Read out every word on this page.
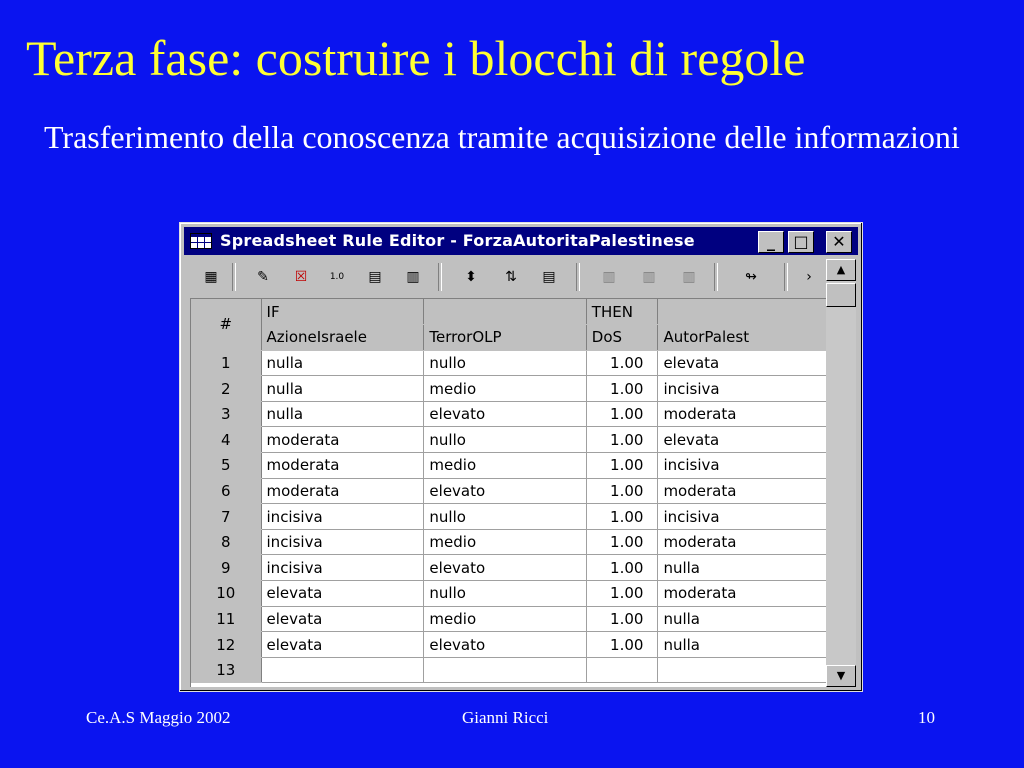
Terza fase: costruire i blocchi di regole
Trasferimento della conoscenza tramite acquisizione delle informazioni
Spreadsheet Rule Editor - ForzaAutoritaPalestinese	_	□	✕
▦	✎	☒	1.0	▤	▥	⬍	⇅	▤	▥	▥	▥	↬	›
#	IF		THEN	
	AzioneIsraele	TerrorOLP	DoS	AutorPalest
1	nulla	nullo	1.00	elevata
2	nulla	medio	1.00	incisiva
3	nulla	elevato	1.00	moderata
4	moderata	nullo	1.00	elevata
5	moderata	medio	1.00	incisiva
6	moderata	elevato	1.00	moderata
7	incisiva	nullo	1.00	incisiva
8	incisiva	medio	1.00	moderata
9	incisiva	elevato	1.00	nulla
10	elevata	nullo	1.00	moderata
11	elevata	medio	1.00	nulla
12	elevata	elevato	1.00	nulla
13				
▲
▼
Ce.A.S Maggio 2002	Gianni Ricci	10
